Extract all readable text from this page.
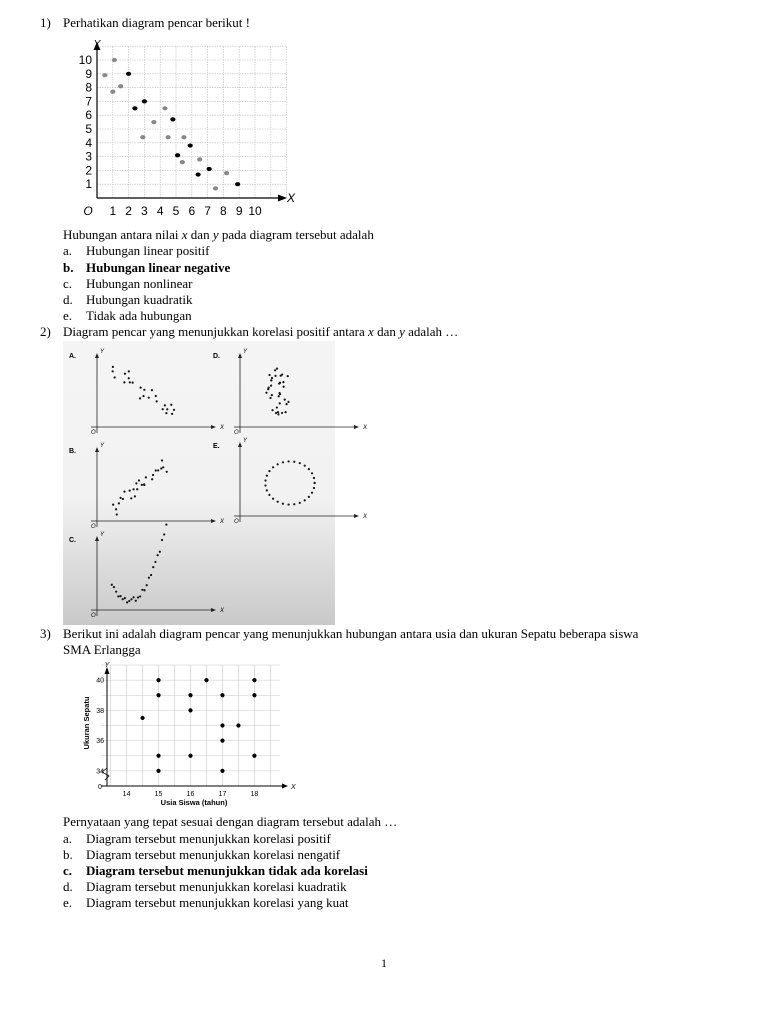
1) Perhatikan diagram pencar berikut !
X
Y
O 1 2 3 4 5 6 7 8 9 10
1
2
3
4
5
6
7
8
9
10
Hubungan antara nilai x dan y pada diagram tersebut adalah
a. Hubungan linear positif
b. Hubungan linear negative
c. Hubungan nonlinear
d. Hubungan kuadratik
e. Tidak ada hubungan
2) Diagram pencar yang menunjukkan korelasi positif antara x dan y adalah …
A.
Y
X
O
D.
Y
X
O
B.
Y
X
O
E.
Y
X
O
C.
Y
X
O
3) Berikut ini adalah diagram pencar yang menunjukkan hubungan antara usia dan ukuran Sepatu beberapa siswa
SMA Erlangga
Y
X
0
14	15	16	17	18
34
36
38
40
Usia Siswa (tahun)
Ukuran Sepatu
Pernyataan yang tepat sesuai dengan diagram tersebut adalah …
a. Diagram tersebut menunjukkan korelasi positif
b. Diagram tersebut menunjukkan korelasi nengatif
c. Diagram tersebut menunjukkan tidak ada korelasi
d. Diagram tersebut menunjukkan korelasi kuadratik
e. Diagram tersebut menunjukkan korelasi yang kuat
1
